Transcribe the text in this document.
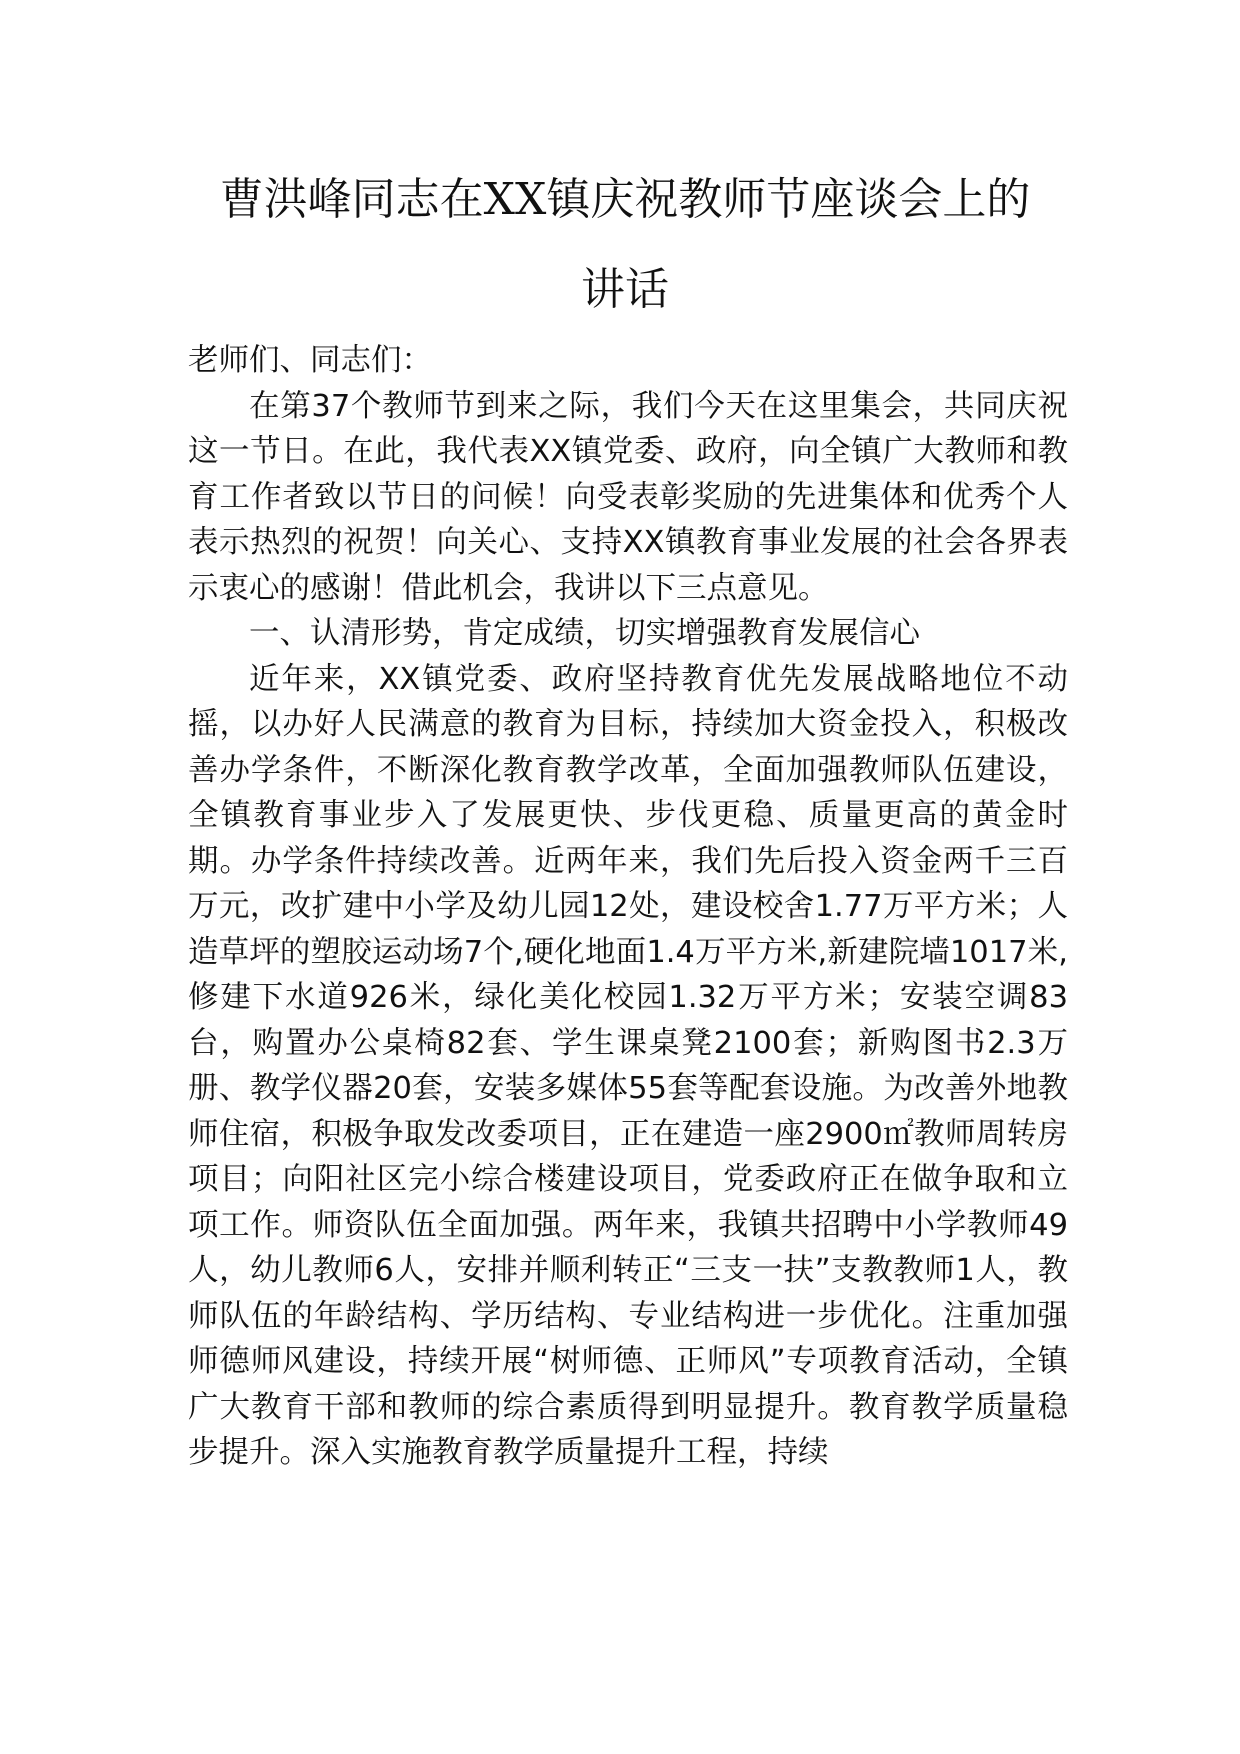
曹洪峰同志在XX镇庆祝教师节座谈会上的
讲话

老师们、同志们：

在第37个教师节到来之际，我们今天在这里集会，共同庆祝这一节日。在此，我代表XX镇党委、政府，向全镇广大教师和教育工作者致以节日的问候！向受表彰奖励的先进集体和优秀个人表示热烈的祝贺！向关心、支持XX镇教育事业发展的社会各界表示衷心的感谢！借此机会，我讲以下三点意见。

一、认清形势，肯定成绩，切实增强教育发展信心

近年来，XX镇党委、政府坚持教育优先发展战略地位不动摇，以办好人民满意的教育为目标，持续加大资金投入，积极改善办学条件，不断深化教育教学改革，全面加强教师队伍建设，全镇教育事业步入了发展更快、步伐更稳、质量更高的黄金时期。办学条件持续改善。近两年来，我们先后投入资金两千三百万元，改扩建中小学及幼儿园12处，建设校舍1.77万平方米；人造草坪的塑胶运动场7个,硬化地面1.4万平方米,新建院墙1017米,修建下水道926米，绿化美化校园1.32万平方米；安装空调83台，购置办公桌椅82套、学生课桌凳2100套；新购图书2.3万册、教学仪器20套，安装多媒体55套等配套设施。为改善外地教师住宿，积极争取发改委项目，正在建造一座2900㎡教师周转房项目；向阳社区完小综合楼建设项目，党委政府正在做争取和立项工作。师资队伍全面加强。两年来，我镇共招聘中小学教师49人，幼儿教师6人，安排并顺利转正“三支一扶”支教教师1人，教师队伍的年龄结构、学历结构、专业结构进一步优化。注重加强师德师风建设，持续开展“树师德、正师风”专项教育活动，全镇广大教育干部和教师的综合素质得到明显提升。教育教学质量稳步提升。深入实施教育教学质量提升工程，持续
